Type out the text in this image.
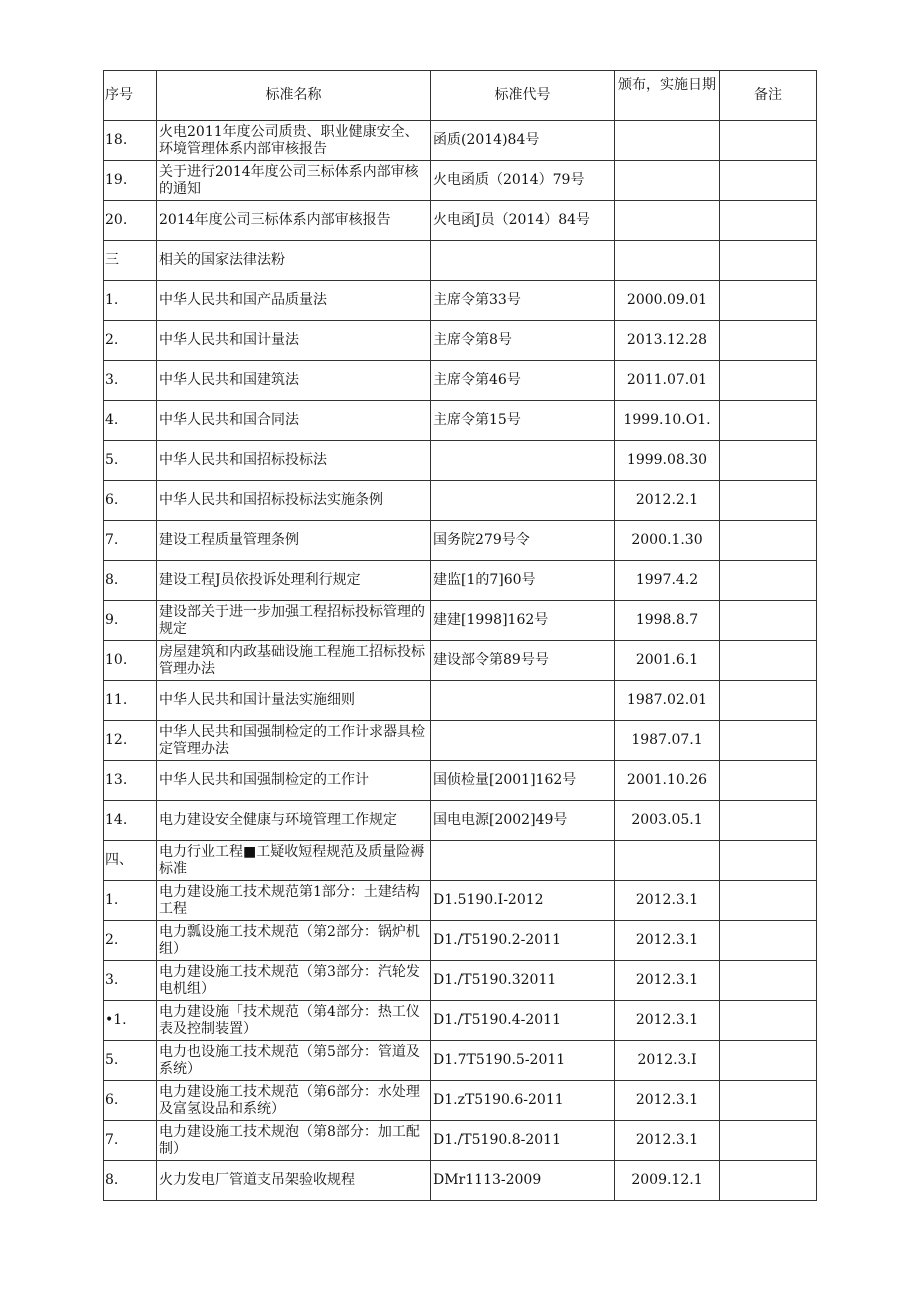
序号	标准名称	标准代号	颁布，实施日期	备注
18.	火电2011年度公司质贵、职业健康安全、环境管理体系内部审核报告	函质(2014)84号		
19.	关于进行2014年度公司三标体系内部审核的通知	火电函质（2014）79号		
20.	2014年度公司三标体系内部审核报告	火电函J员（2014）84号		
三	相关的国家法律法粉			
1.	中华人民共和国产品质量法	主席令第33号	2000.09.01	
2.	中华人民共和国计量法	主席令第8号	2013.12.28	
3.	中华人民共和国建筑法	主席令第46号	2011.07.01	
4.	中华人民共和国合同法	主席令第15号	1999.10.O1.	
5.	中华人民共和国招标投标法		1999.08.30	
6.	中华人民共和国招标投标法实施条例		2012.2.1	
7.	建设工程质量管理条例	国务院279号令	2000.1.30	
8.	建设工程J员依投诉处理利行规定	建监[1的7]60号	1997.4.2	
9.	建设部关于进一步加强工程招标投标管理的规定	建建[1998]162号	1998.8.7	
10.	房屋建筑和内政基础设施工程施工招标投标管理办法	建设部令第89号号	2001.6.1	
11.	中华人民共和国计量法实施细则		1987.02.01	
12.	中华人民共和国强制检定的工作计求器具检定管理办法		1987.07.1	
13.	中华人民共和国强制检定的工作计	国侦检量[2001]162号	2001.10.26	
14.	电力建设安全健康与环境管理工作规定	国电电源[2002]49号	2003.05.1	
四、	电力行业工程■工疑收短程规范及质量险褥标准			
1.	电力建设施工技术规范第1部分：土建结构工程	D1.5190.I-2012	2012.3.1	
2.	电力瓢设施工技术规范（第2部分：锅炉机组）	D1./T5190.2-2011	2012.3.1	
3.	电力建设施工技术规范（第3部分：汽轮发电机组）	D1./T5190.32011	2012.3.1	
•1.	电力建设施「技术规范（第4部分：热工仪表及控制装置）	D1./T5190.4-2011	2012.3.1	
5.	电力也设施工技术规范（第5部分：管道及系统）	D1.7T5190.5-2011	2012.3.I	
6.	电力建设施工技术规范（第6部分：水处理及富氢设品和系统）	D1.zT5190.6-2011	2012.3.1	
7.	电力建设施工技术规泡（第8部分：加工配制）	D1./T5190.8-2011	2012.3.1	
8.	火力发电厂管道支吊架验收规程	DMr1113-2009	2009.12.1	
